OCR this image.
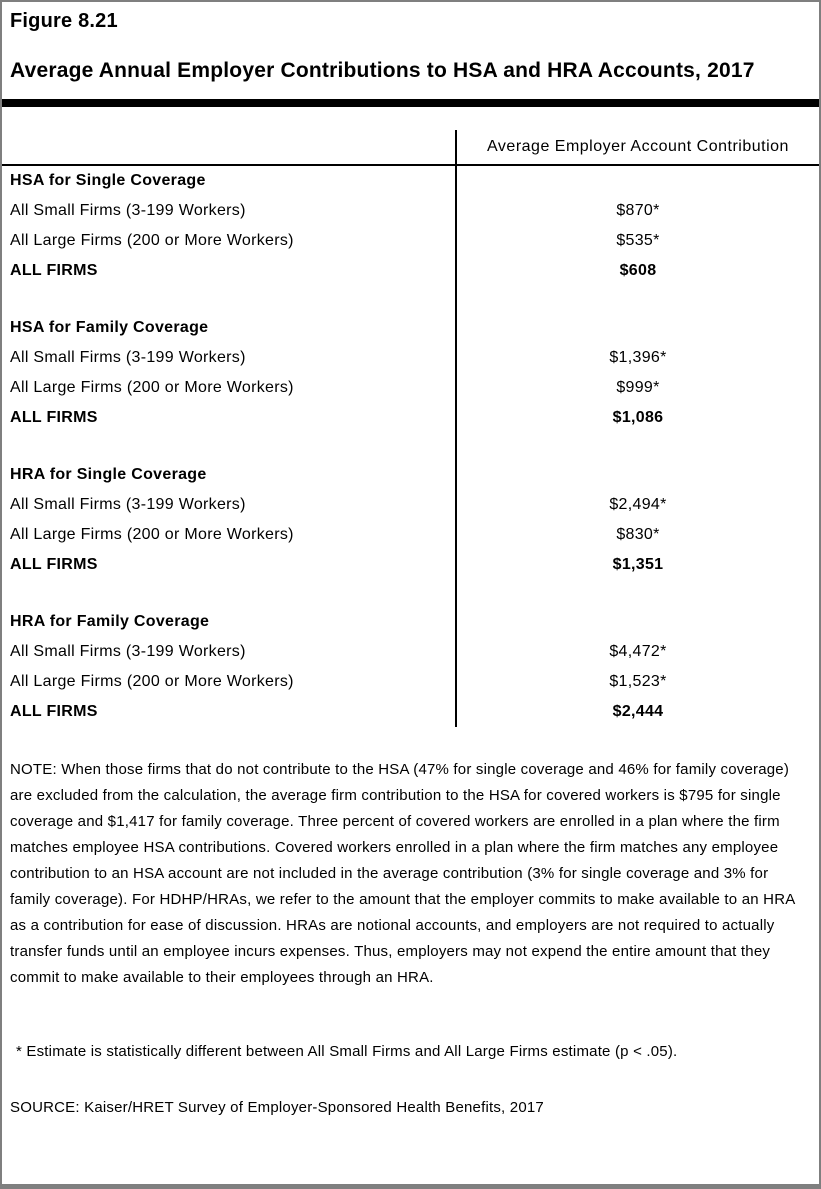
Figure 8.21
Average Annual Employer Contributions to HSA and HRA Accounts, 2017
Average Employer Account Contribution
HSA for Single Coverage
All Small Firms (3-199 Workers)	$870*
All Large Firms (200 or More Workers)	$535*
ALL FIRMS	$608
HSA for Family Coverage
All Small Firms (3-199 Workers)	$1,396*
All Large Firms (200 or More Workers)	$999*
ALL FIRMS	$1,086
HRA for Single Coverage
All Small Firms (3-199 Workers)	$2,494*
All Large Firms (200 or More Workers)	$830*
ALL FIRMS	$1,351
HRA for Family Coverage
All Small Firms (3-199 Workers)	$4,472*
All Large Firms (200 or More Workers)	$1,523*
ALL FIRMS	$2,444
NOTE: When those firms that do not contribute to the HSA (47% for single coverage and 46% for family coverage) are excluded from the calculation, the average firm contribution to the HSA for covered workers is $795 for single coverage and $1,417 for family coverage. Three percent of covered workers are enrolled in a plan where the firm matches employee HSA contributions. Covered workers enrolled in a plan where the firm matches any employee contribution to an HSA account are not included in the average contribution (3% for single coverage and 3% for family coverage). For HDHP/HRAs, we refer to the amount that the employer commits to make available to an HRA as a contribution for ease of discussion. HRAs are notional accounts, and employers are not required to actually transfer funds until an employee incurs expenses. Thus, employers may not expend the entire amount that they commit to make available to their employees through an HRA.
* Estimate is statistically different between All Small Firms and All Large Firms estimate (p < .05).
SOURCE: Kaiser/HRET Survey of Employer-Sponsored Health Benefits, 2017
